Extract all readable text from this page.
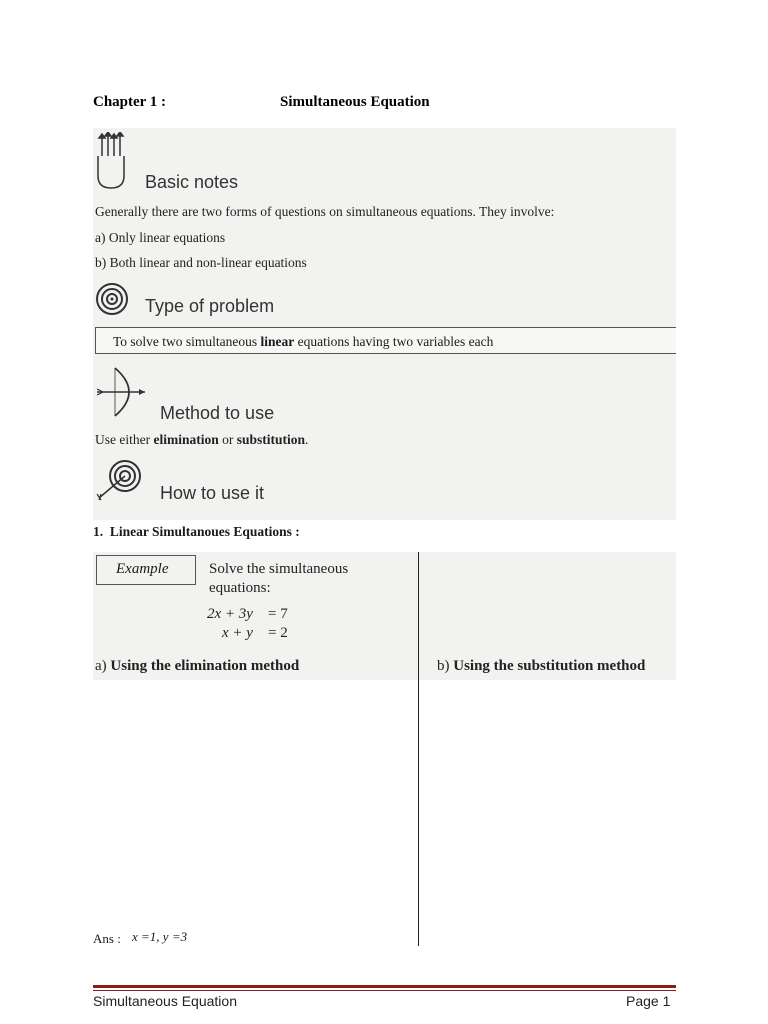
Chapter 1 :	Simultaneous Equation
Basic notes
Generally there are two forms of questions on simultaneous equations. They involve:
a) Only linear equations
b) Both linear and non-linear equations
Type of problem
To solve two simultaneous linear equations having two variables each
Method to use
Use either elimination or substitution.
How to use it
1. Linear Simultanoues Equations :
Example	Solve the simultaneous
equations:
2x + 3y = 7
x + y = 2
a) Using the elimination method	b) Using the substitution method
Ans : x =1, y =3
Simultaneous Equation	Page 1
